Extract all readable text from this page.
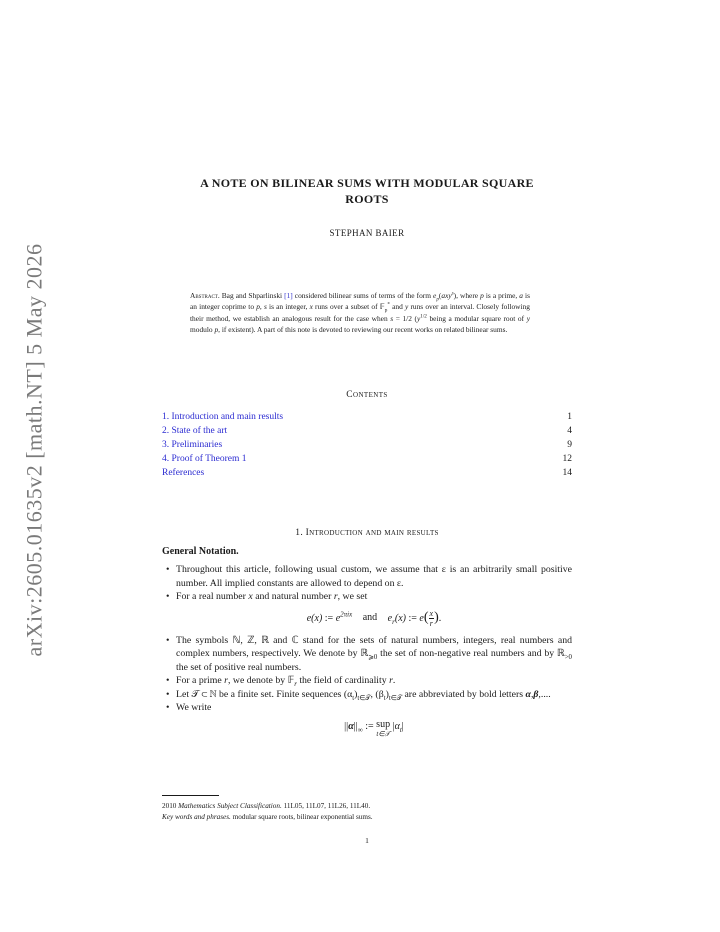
arXiv:2605.01635v2 [math.NT] 5 May 2026
A NOTE ON BILINEAR SUMS WITH MODULAR SQUARE
ROOTS
STEPHAN BAIER
Abstract. Bag and Shparlinski [1] considered bilinear sums of terms of the form $e_p(axy^s)$, where p is a prime, a is an integer coprime to p, s is an integer, x runs over a subset of 𝔽$_p$* and y runs over an interval. Closely following their method, we establish an analogous result for the case when s = 1/2 ($y^{1/2}$ being a modular square root of y modulo p, if existent). A part of this note is devoted to reviewing our recent works on related bilinear sums.
Contents
1. Introduction and main results	1
2. State of the art	4
3. Preliminaries	9
4. Proof of Theorem 1	12
References	14
1. Introduction and main results
General Notation.
• Throughout this article, following usual custom, we assume that ε is an arbitrarily small positive number. All implied constants are allowed to depend on ε.
• For a real number x and natural number r, we set
e(x) := $e^{2\pi ix}$ and $e_r(x)$ := $e( \frac{x}{r}$ ).
• The symbols ℕ, ℤ, ℝ and ℂ stand for the sets of natural numbers, integers, real numbers and complex numbers, respectively. We denote by ℝ$_{⩾0}$ the set of non-negative real numbers and by ℝ$_{>0}$ the set of positive real numbers.
• For a prime r, we denote by 𝔽$_r$ the field of cardinality r.
• Let 𝒯 ⊂ ℕ be a finite set. Finite sequences $(\alpha_t)_{t\in 𝒯}$, $(\beta_t)_{t\in 𝒯}$ are abbreviated by bold letters α,β,....
• We write
$||\alpha||_\infty$ := sup
t∈𝒯 $|\alpha_t|$
2010 Mathematics Subject Classification. 11L05, 11L07, 11L26, 11L40.
Key words and phrases. modular square roots, bilinear exponential sums.
1
